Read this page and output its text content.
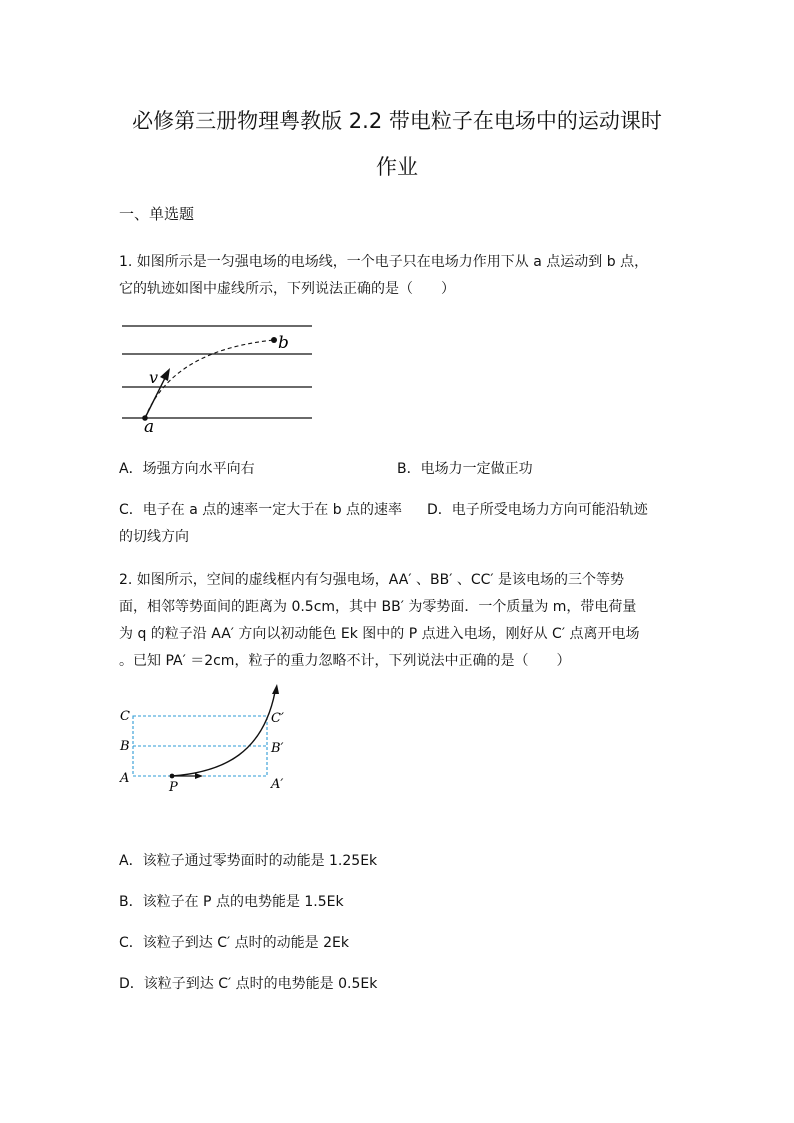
必修第三册物理粤教版 2.2 带电粒子在电场中的运动课时
作业
一、单选题
1. 如图所示是一匀强电场的电场线，一个电子只在电场力作用下从 a 点运动到 b 点，
它的轨迹如图中虚线所示，下列说法正确的是（　　）
b
v
a
A．场强方向水平向右	B．电场力一定做正功
C．电子在 a 点的速率一定大于在 b 点的速率 D．电子所受电场力方向可能沿轨迹
的切线方向
2. 如图所示，空间的虚线框内有匀强电场，AA′ 、BB′ 、CC′ 是该电场的三个等势
面，相邻等势面间的距离为 0.5cm，其中 BB′ 为零势面．一个质量为 m，带电荷量
为 q 的粒子沿 AA′ 方向以初动能色 Ek 图中的 P 点进入电场，刚好从 C′ 点离开电场
。已知 PA′ ＝2cm，粒子的重力忽略不计，下列说法中正确的是（　　）
C
B
A
P
C′
B′
A′
A．该粒子通过零势面时的动能是 1.25Ek
B．该粒子在 P 点的电势能是 1.5Ek
C．该粒子到达 C′ 点时的动能是 2Ek
D．该粒子到达 C′ 点时的电势能是 0.5Ek
